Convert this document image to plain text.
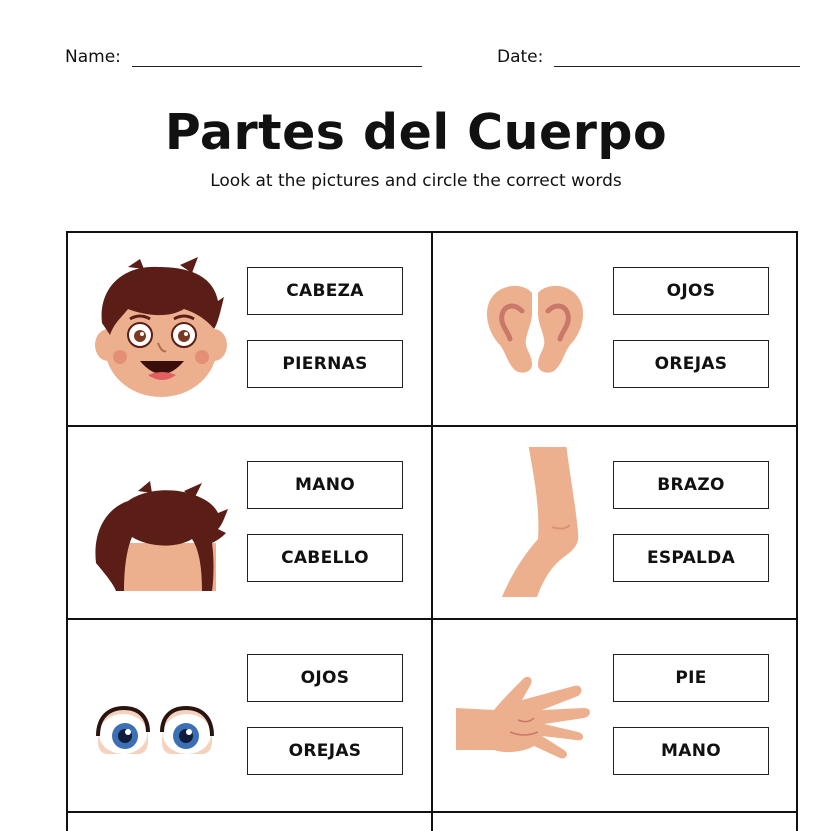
Name:	Date:
Partes del Cuerpo
Look at the pictures and circle the correct words
CABEZA
PIERNAS
OJOS
OREJAS
MANO
CABELLO
BRAZO
ESPALDA
OJOS
OREJAS
PIE
MANO
